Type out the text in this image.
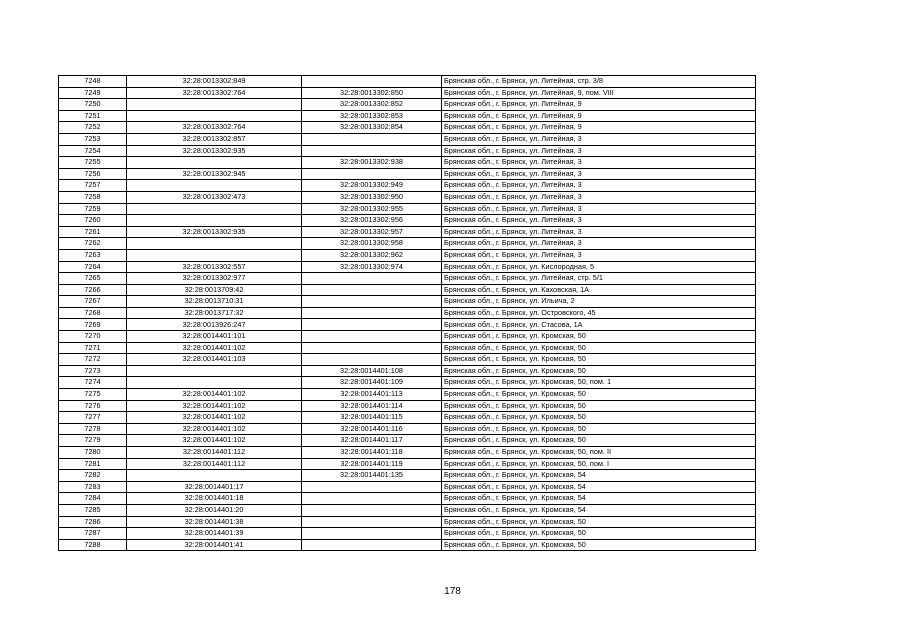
7248	32:28:0013302:849		Брянская обл., г. Брянск, ул. Литейная, стр. 3/8
7249	32:28:0013302:764	32:28:0013302:850	Брянская обл., г. Брянск, ул. Литейная, 9, пом. VIII
7250		32:28:0013302:852	Брянская обл., г. Брянск, ул. Литейная, 9
7251		32:28:0013302:853	Брянская обл., г. Брянск, ул. Литейная, 9
7252	32:28:0013302:764	32:28:0013302:854	Брянская обл., г. Брянск, ул. Литейная, 9
7253	32:28:0013302:857		Брянская обл., г. Брянск, ул. Литейная, 3
7254	32:28:0013302:935		Брянская обл., г. Брянск, ул. Литейная, 3
7255		32:28:0013302:938	Брянская обл., г. Брянск, ул. Литейная, 3
7256	32:28:0013302:945		Брянская обл., г. Брянск, ул. Литейная, 3
7257		32:28:0013302:949	Брянская обл., г. Брянск, ул. Литейная, 3
7258	32:28:0013302:473	32:28:0013302:950	Брянская обл., г. Брянск, ул. Литейная, 3
7259		32:28:0013302:955	Брянская обл., г. Брянск, ул. Литейная, 3
7260		32:28:0013302:956	Брянская обл., г. Брянск, ул. Литейная, 3
7261	32:28:0013302:935	32:28:0013302:957	Брянская обл., г. Брянск, ул. Литейная, 3
7262		32:28:0013302:958	Брянская обл., г. Брянск, ул. Литейная, 3
7263		32:28:0013302:962	Брянская обл., г. Брянск, ул. Литейная, 3
7264	32:28:0013302:557	32:28:0013302:974	Брянская обл., г. Брянск, ул. Кислородная, 5
7265	32:28:0013302:977		Брянская обл., г. Брянск, ул. Литейная, стр. 5/1
7266	32:28:0013709:42		Брянская обл., г. Брянск, ул. Каховская, 1А
7267	32:28:0013710:31		Брянская обл., г. Брянск, ул. Ильича, 2
7268	32:28:0013717:32		Брянская обл., г. Брянск, ул. Островского, 45
7269	32:28:0013926:247		Брянская обл., г. Брянск, ул. Стасова, 1А
7270	32:28:0014401:101		Брянская обл., г. Брянск, ул. Кромская, 50
7271	32:28:0014401:102		Брянская обл., г. Брянск, ул. Кромская, 50
7272	32:28:0014401:103		Брянская обл., г. Брянск, ул. Кромская, 50
7273		32:28:0014401:108	Брянская обл., г. Брянск, ул. Кромская, 50
7274		32:28:0014401:109	Брянская обл., г. Брянск, ул. Кромская, 50, пом. 1
7275	32:28:0014401:102	32:28:0014401:113	Брянская обл., г. Брянск, ул. Кромская, 50
7276	32:28:0014401:102	32:28:0014401:114	Брянская обл., г. Брянск, ул. Кромская, 50
7277	32:28:0014401:102	32:28:0014401:115	Брянская обл., г. Брянск, ул. Кромская, 50
7278	32:28:0014401:102	32:28:0014401:116	Брянская обл., г. Брянск, ул. Кромская, 50
7279	32:28:0014401:102	32:28:0014401:117	Брянская обл., г. Брянск, ул. Кромская, 50
7280	32:28:0014401:112	32:28:0014401:118	Брянская обл., г. Брянск, ул. Кромская, 50, пом. II
7281	32:28:0014401:112	32:28:0014401:119	Брянская обл., г. Брянск, ул. Кромская, 50, пом. I
7282		32:28:0014401:135	Брянская обл., г. Брянск, ул. Кромская, 54
7283	32:28:0014401:17		Брянская обл., г. Брянск, ул. Кромская, 54
7284	32:28:0014401:18		Брянская обл., г. Брянск, ул. Кромская, 54
7285	32:28:0014401:20		Брянская обл., г. Брянск, ул. Кромская, 54
7286	32:28:0014401:38		Брянская обл., г. Брянск, ул. Кромская, 50
7287	32:28:0014401:39		Брянская обл., г. Брянск, ул. Кромская, 50
7288	32:28:0014401:41		Брянская обл., г. Брянск, ул. Кромская, 50
178
